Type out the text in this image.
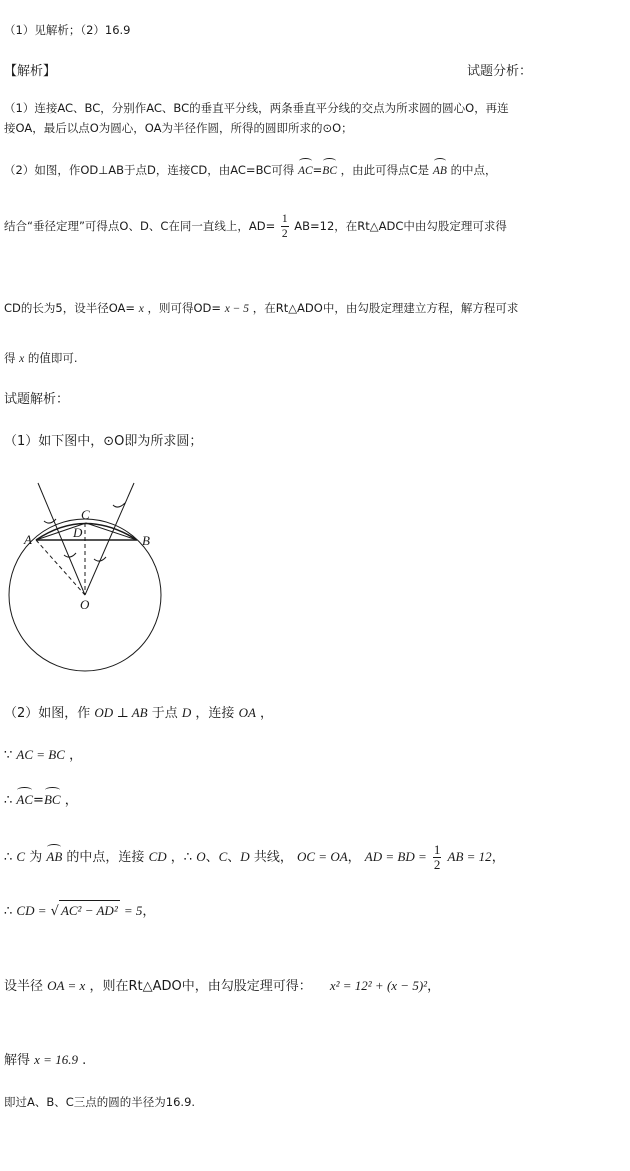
（1）见解析；（2）16.9
【解析】	试题分析：
（1）连接AC、BC，分别作AC、BC的垂直平分线，两条垂直平分线的交点为所求圆的圆心O，再连
接OA，最后以点O为圆心，OA为半径作圆，所得的圆即所求的⊙O；
（2）如图，作OD⊥AB于点D，连接CD，由AC=BC可得 AC=BC ，由此可得点C是 AB 的中点，
结合“垂径定理”可得点O、D、C在同一直线上，$AD= \frac{1}{2} AB=12$，在Rt△ADC中由勾股定理可求得
CD的长为5，设半径OA= x ，则可得OD= x − 5 ，在Rt△ADO中，由勾股定理建立方程，解方程可求
得 x 的值即可.
试题解析：
（1）如下图中，⊙O即为所求圆；
A	B
C
D
O
（2）如图，作 OD ⊥ AB 于点 D ，连接 OA ，
∵ AC = BC ，
∴ AC=BC ，
∴ C 为 AB 的中点，连接 CD ，∴ O、C、D 共线， OC = OA， AD = BD = $\frac{1}{2}$ AB = 12，
∴ CD = √ AC² − AD² = 5，
设半径 OA = x ，则在Rt△ADO中，由勾股定理可得： x² = 12² + (x − 5)²，
解得 x = 16.9 .
即过A、B、C三点的圆的半径为16.9.
